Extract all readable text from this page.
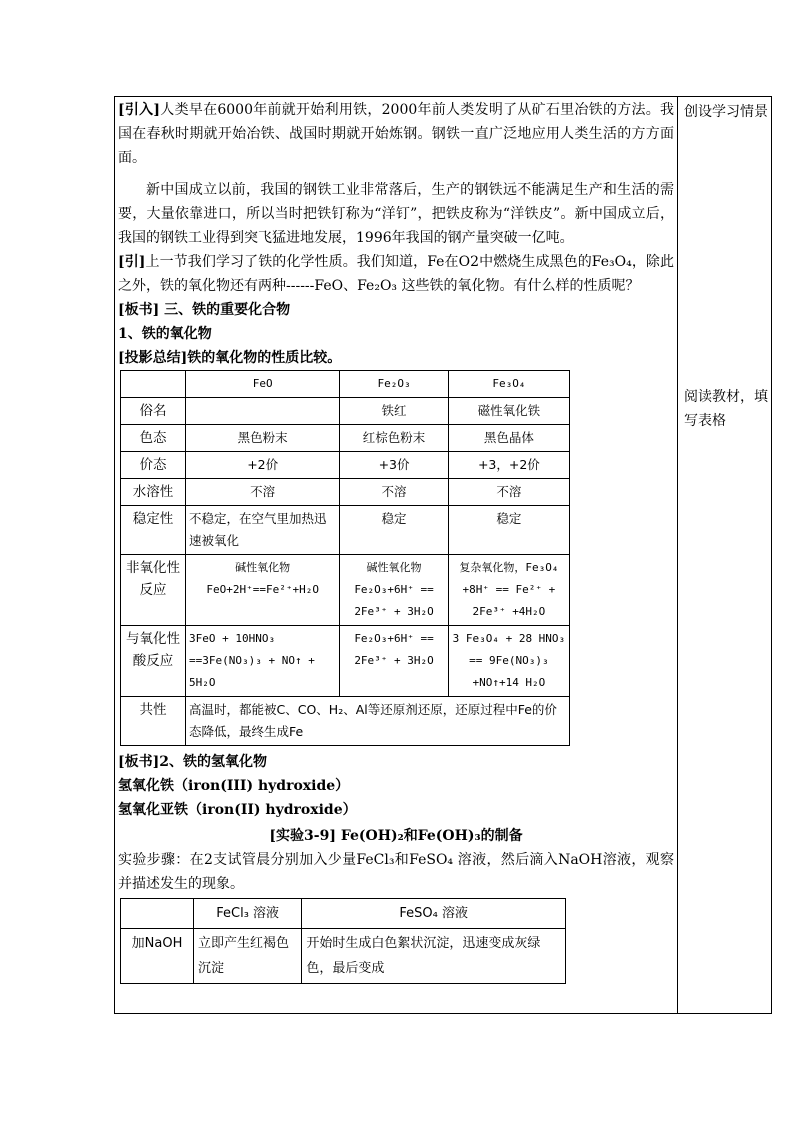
[引入]人类早在6000年前就开始利用铁，2000年前人类发明了从矿石里冶铁的方法。我国在春秋时期就开始冶铁、战国时期就开始炼钢。钢铁一直广泛地应用人类生活的方方面面。

新中国成立以前，我国的钢铁工业非常落后，生产的钢铁远不能满足生产和生活的需要，大量依靠进口，所以当时把铁钉称为“洋钉”，把铁皮称为“洋铁皮”。新中国成立后，我国的钢铁工业得到突飞猛进地发展，1996年我国的钢产量突破一亿吨。

[引]上一节我们学习了铁的化学性质。我们知道，Fe在O2中燃烧生成黑色的Fe₃O₄，除此之外，铁的氧化物还有两种------FeO、Fe₂O₃ 这些铁的氧化物。有什么样的性质呢？

[板书] 三、铁的重要化合物

1、铁的氧化物

[投影总结]铁的氧化物的性质比较。

	FeO	Fe₂O₃	Fe₃O₄
俗名		铁红	磁性氧化铁
色态	黑色粉末	红棕色粉末	黑色晶体
价态	+2价	+3价	+3，+2价
水溶性	不溶	不溶	不溶
稳定性	不稳定，在空气里加热迅速被氧化	稳定	稳定
非氧化性反应	碱性氧化物 FeO+2H⁺==Fe²⁺+H₂O	碱性氧化物 Fe₂O₃+6H⁺ == 2Fe³⁺ + 3H₂O	复杂氧化物，Fe₃O₄ +8H⁺ == Fe²⁺ + 2Fe³⁺ +4H₂O
与氧化性酸反应	3FeO + 10HNO₃ ==3Fe(NO₃)₃ + NO↑ + 5H₂O	Fe₂O₃+6H⁺ == 2Fe³⁺ + 3H₂O	3 Fe₃O₄ + 28 HNO₃ == 9Fe(NO₃)₃ +NO↑+14 H₂O
共性	高温时，都能被C、CO、H₂、Al等还原剂还原，还原过程中Fe的价态降低，最终生成Fe		

[板书]2、铁的氢氧化物

氢氧化铁（iron(III) hydroxide）

氢氧化亚铁（iron(II) hydroxide）

[实验3-9] Fe(OH)₂和Fe(OH)₃的制备

实验步骤：在2支试管晨分别加入少量FeCl₃和FeSO₄ 溶液，然后滴入NaOH溶液，观察并描述发生的现象。

	FeCl₃ 溶液	FeSO₄ 溶液
加NaOH	立即产生红褐色沉淀	开始时生成白色絮状沉淀，迅速变成灰绿色，最后变成
创设学习情景
阅读教材，填写表格
